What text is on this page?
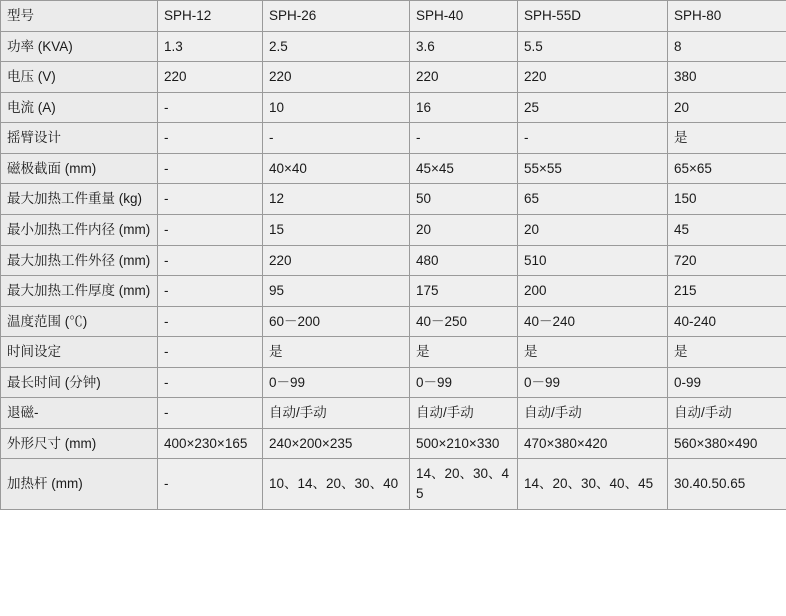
型号	SPH-12	SPH-26	SPH-40	SPH-55D	SPH-80

功率 (KVA)	1.3	2.5	3.6	5.5	8

电压 (V)	220	220	220	220	380

电流 (A)	-	10	16	25	20

摇臂设计	-	-	-	-	是

磁极截面 (mm)	-	40×40	45×45	55×55	65×65

最大加热工件重量 (kg)	-	12	50	65	150

最小加热工件内径 (mm)	-	15	20	20	45

最大加热工件外径 (mm)	-	220	480	510	720

最大加热工件厚度 (mm)	-	95	175	200	215

温度范围 (℃)	-	60－200	40－250	40－240	40-240

时间设定	-	是	是	是	是

最长时间 (分钟)	-	0－99	0－99	0－99	0-99

退磁-	-	自动/手动	自动/手动	自动/手动	自动/手动

外形尺寸 (mm)	400×230×165	240×200×235	500×210×330	470×380×420	560×380×490

加热杆 (mm)	-	10、14、20、30、40	14、20、30、45	14、20、30、40、45	30.40.50.65
